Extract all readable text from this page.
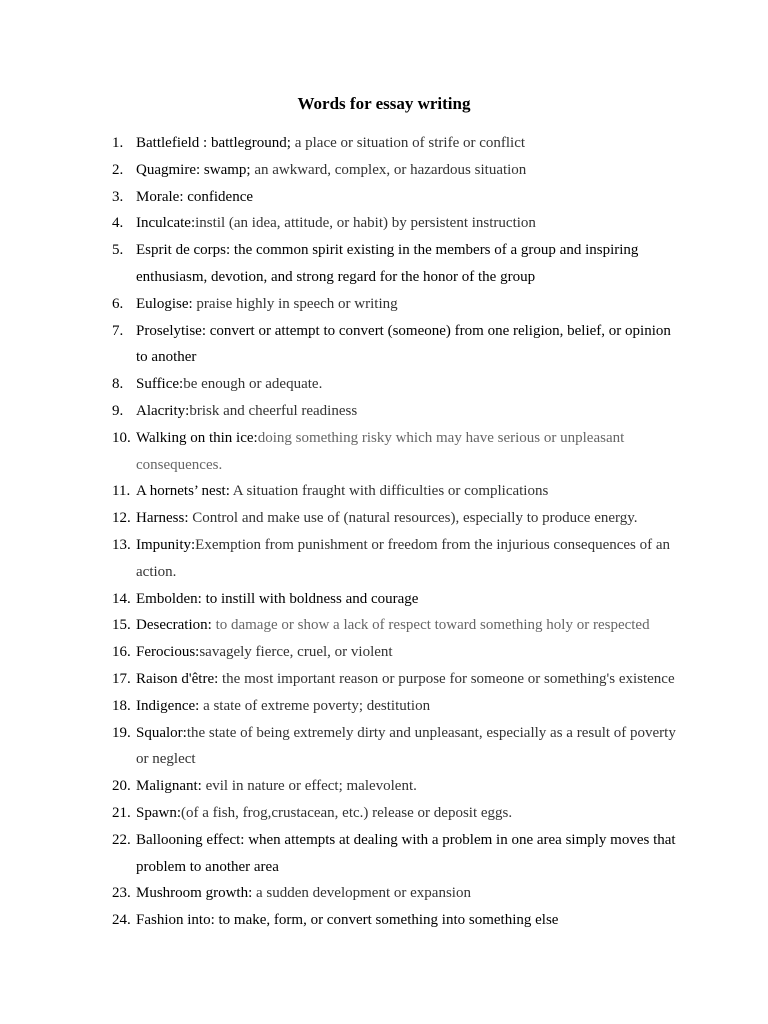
Words for essay writing
1. Battlefield : battleground; a place or situation of strife or conflict
2. Quagmire: swamp; an awkward, complex, or hazardous situation
3. Morale: confidence
4. Inculcate:instil (an idea, attitude, or habit) by persistent instruction
5. Esprit de corps: the common spirit existing in the members of a group and inspiring enthusiasm, devotion, and strong regard for the honor of the group
6. Eulogise: praise highly in speech or writing
7. Proselytise: convert or attempt to convert (someone) from one religion, belief, or opinion to another
8. Suffice:be enough or adequate.
9. Alacrity:brisk and cheerful readiness
10. Walking on thin ice:doing something risky which may have serious or unpleasant consequences.
11. A hornets’ nest: A situation fraught with difficulties or complications
12. Harness: Control and make use of (natural resources), especially to produce energy.
13. Impunity:Exemption from punishment or freedom from the injurious consequences of an action.
14. Embolden: to instill with boldness and courage
15. Desecration: to damage or show a lack of respect toward something holy or respected
16. Ferocious:savagely fierce, cruel, or violent
17. Raison d'être: the most important reason or purpose for someone or something's existence
18. Indigence: a state of extreme poverty; destitution
19. Squalor:the state of being extremely dirty and unpleasant, especially as a result of poverty or neglect
20. Malignant: evil in nature or effect; malevolent.
21. Spawn:(of a fish, frog,crustacean, etc.) release or deposit eggs.
22. Ballooning effect: when attempts at dealing with a problem in one area simply moves that problem to another area
23. Mushroom growth: a sudden development or expansion
24. Fashion into: to make, form, or convert something into something else
